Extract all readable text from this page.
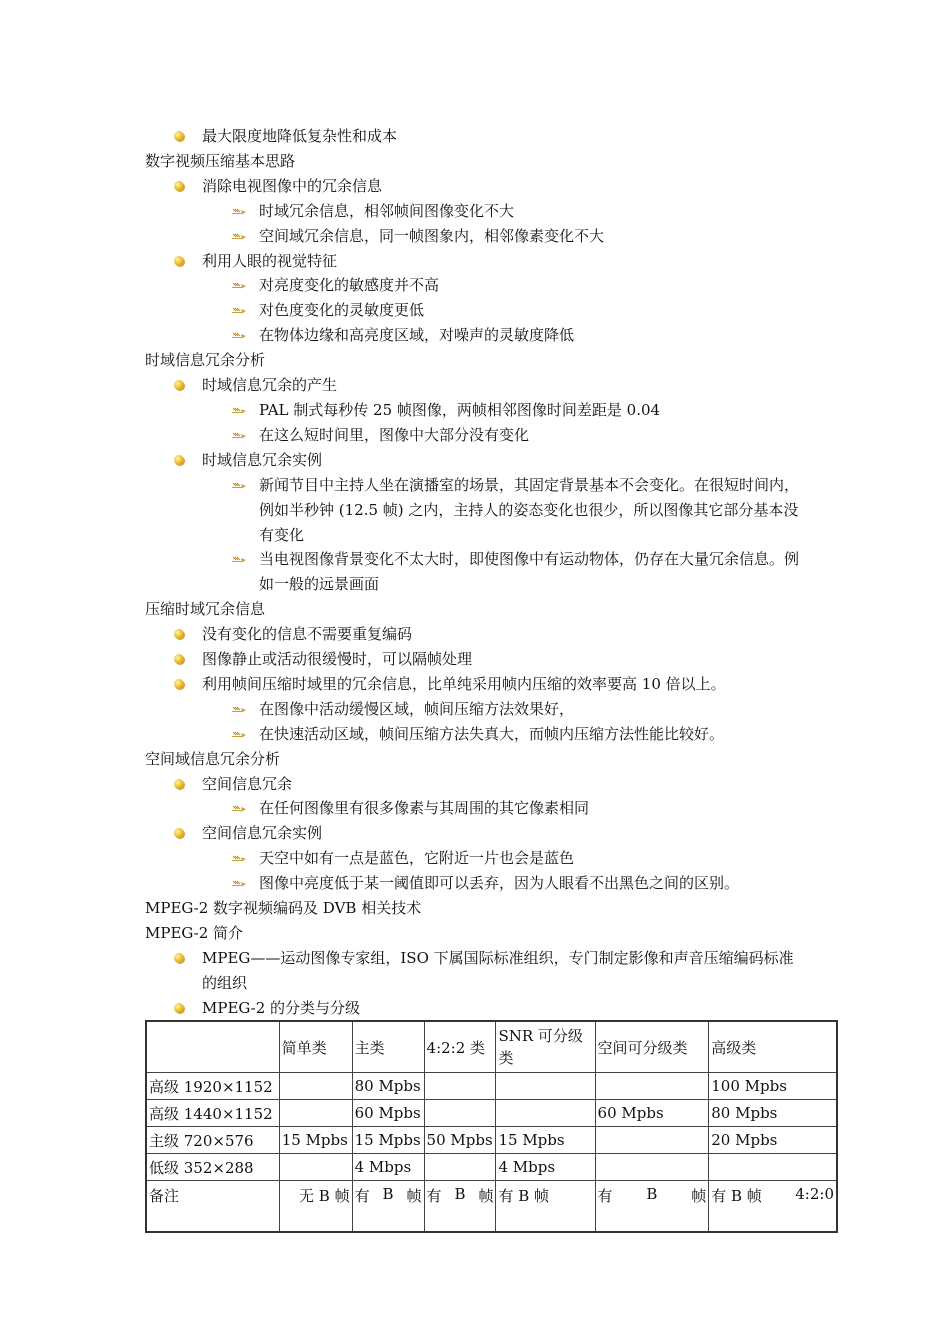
最大限度地降低复杂性和成本
数字视频压缩基本思路
消除电视图像中的冗余信息
时域冗余信息，相邻帧间图像变化不大
空间域冗余信息，同一帧图象内，相邻像素变化不大
利用人眼的视觉特征
对亮度变化的敏感度并不高
对色度变化的灵敏度更低
在物体边缘和高亮度区域，对噪声的灵敏度降低
时域信息冗余分析
时域信息冗余的产生
PAL 制式每秒传 25 帧图像，两帧相邻图像时间差距是 0.04
在这么短时间里，图像中大部分没有变化
时域信息冗余实例
新闻节目中主持人坐在演播室的场景，其固定背景基本不会变化。在很短时间内，例如半秒钟 (12.5 帧) 之内，主持人的姿态变化也很少，所以图像其它部分基本没有变化
当电视图像背景变化不太大时，即使图像中有运动物体，仍存在大量冗余信息。例如一般的远景画面
压缩时域冗余信息
没有变化的信息不需要重复编码
图像静止或活动很缓慢时，可以隔帧处理
利用帧间压缩时域里的冗余信息，比单纯采用帧内压缩的效率要高 10 倍以上。
在图像中活动缓慢区域，帧间压缩方法效果好，
在快速活动区域，帧间压缩方法失真大，而帧内压缩方法性能比较好。
空间域信息冗余分析
空间信息冗余
在任何图像里有很多像素与其周围的其它像素相同
空间信息冗余实例
天空中如有一点是蓝色，它附近一片也会是蓝色
图像中亮度低于某一阈值即可以丢弃，因为人眼看不出黑色之间的区别。
MPEG-2 数字视频编码及 DVB 相关技术
MPEG-2 简介
MPEG——运动图像专家组，ISO 下属国际标准组织，专门制定影像和声音压缩编码标准的组织
MPEG-2 的分类与分级
	简单类	主类	4:2:2 类	SNR 可分级类	空间可分级类	高级类
高级 1920×1152		80 Mpbs				100 Mpbs
高级 1440×1152		60 Mpbs			60 Mpbs	80 Mpbs
主级 720×576	15 Mpbs	15 Mpbs	50 Mpbs	15 Mpbs		20 Mpbs
低级 352×288		4 Mbps		4 Mbps		
备注	无 B 帧	有 B 帧	有 B 帧	有 B 帧	有 B 帧	有 B 帧 4:2:0
